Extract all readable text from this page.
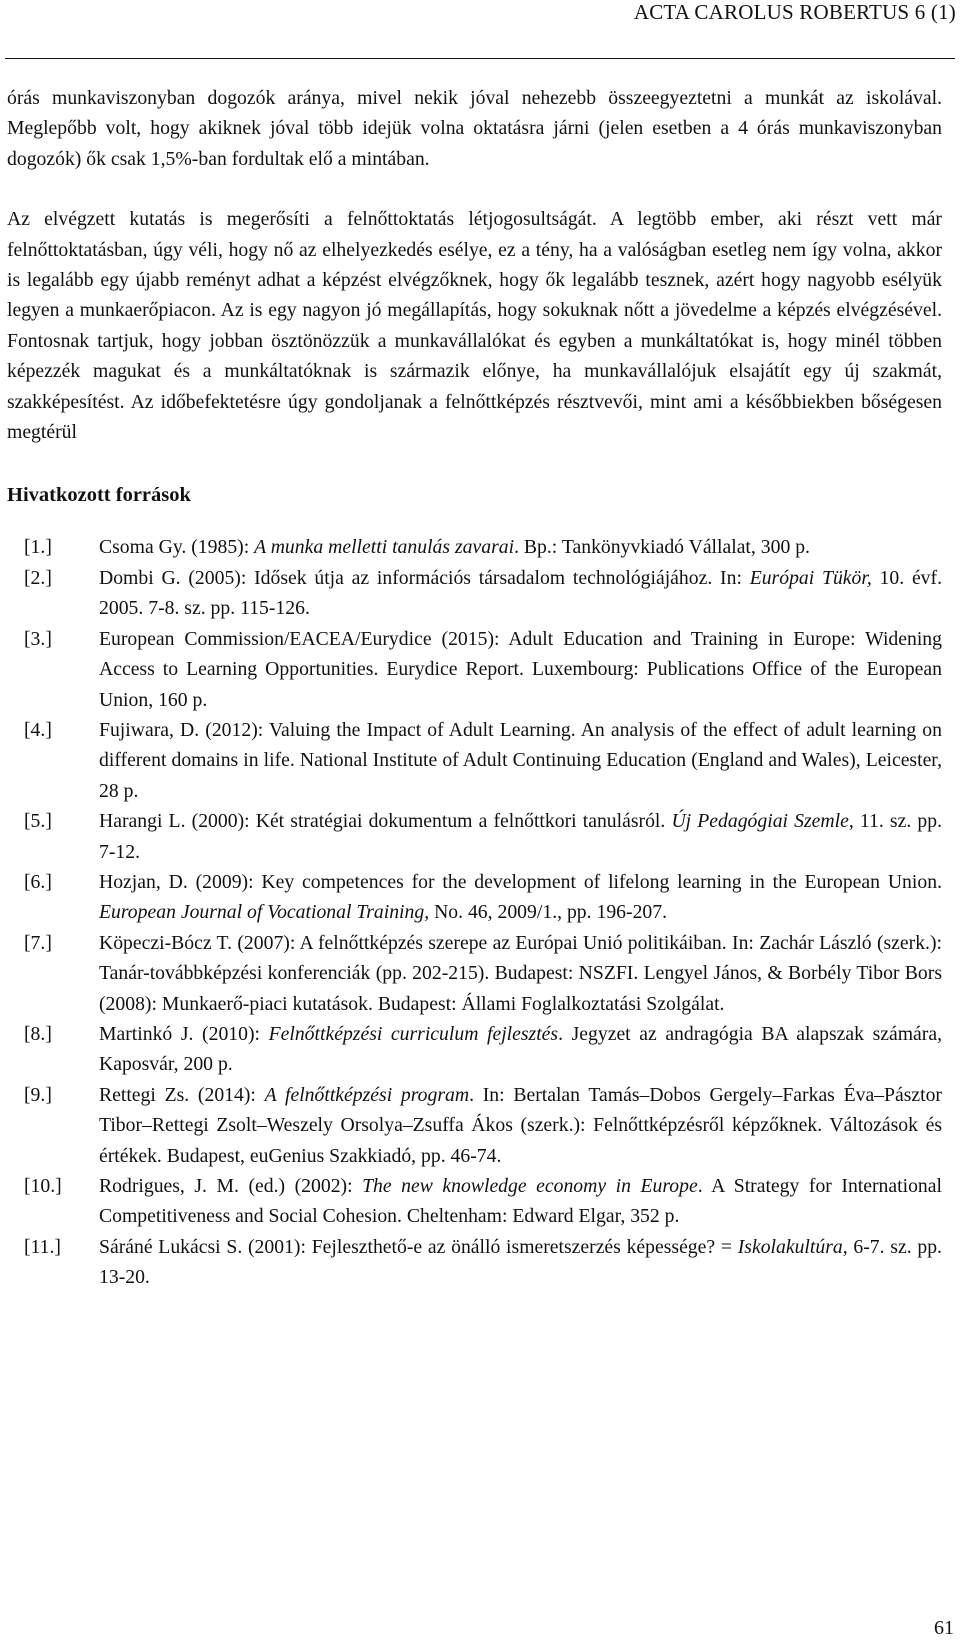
ACTA CAROLUS ROBERTUS 6 (1)

órás munkaviszonyban dogozók aránya, mivel nekik jóval nehezebb összeegyeztetni a munkát az iskolával. Meglepőbb volt, hogy akiknek jóval több idejük volna oktatásra járni (jelen esetben a 4 órás munkaviszonyban dogozók) ők csak 1,5%-ban fordultak elő a mintában.

Az elvégzett kutatás is megerősíti a felnőttoktatás létjogosultságát. A legtöbb ember, aki részt vett már felnőttoktatásban, úgy véli, hogy nő az elhelyezkedés esélye, ez a tény, ha a valóságban esetleg nem így volna, akkor is legalább egy újabb reményt adhat a képzést elvégzőknek, hogy ők legalább tesznek, azért hogy nagyobb esélyük legyen a munkaerőpiacon. Az is egy nagyon jó megállapítás, hogy sokuknak nőtt a jövedelme a képzés elvégzésével. Fontosnak tartjuk, hogy jobban ösztönözzük a munkavállalókat és egyben a munkáltatókat is, hogy minél többen képezzék magukat és a munkáltatóknak is származik előnye, ha munkavállalójuk elsajátít egy új szakmát, szakképesítést. Az időbefektetésre úgy gondoljanak a felnőttképzés résztvevői, mint ami a későbbiekben bőségesen megtérül

Hivatkozott források
[1.]	Csoma Gy. (1985): A munka melletti tanulás zavarai. Bp.: Tankönyvkiadó Vállalat, 300 p.
[2.]	Dombi G. (2005): Idősek útja az információs társadalom technológiájához. In: Európai Tükör, 10. évf. 2005. 7-8. sz. pp. 115-126.
[3.]	European Commission/EACEA/Eurydice (2015): Adult Education and Training in Europe: Widening Access to Learning Opportunities. Eurydice Report. Luxembourg: Publications Office of the European Union, 160 p.
[4.]	Fujiwara, D. (2012): Valuing the Impact of Adult Learning. An analysis of the effect of adult learning on different domains in life. National Institute of Adult Continuing Education (England and Wales), Leicester, 28 p.
[5.]	Harangi L. (2000): Két stratégiai dokumentum a felnőttkori tanulásról. Új Pedagógiai Szemle, 11. sz. pp. 7-12.
[6.]	Hozjan, D. (2009): Key competences for the development of lifelong learning in the European Union. European Journal of Vocational Training, No. 46, 2009/1., pp. 196-207.
[7.]	Köpeczi-Bócz T. (2007): A felnőttképzés szerepe az Európai Unió politikáiban. In: Zachár László (szerk.): Tanár-továbbképzési konferenciák (pp. 202-215). Budapest: NSZFI. Lengyel János, & Borbély Tibor Bors (2008): Munkaerő-piaci kutatások. Budapest: Állami Foglalkoztatási Szolgálat.
[8.]	Martinkó J. (2010): Felnőttképzési curriculum fejlesztés. Jegyzet az andragógia BA alapszak számára, Kaposvár, 200 p.
[9.]	Rettegi Zs. (2014): A felnőttképzési program. In: Bertalan Tamás–Dobos Gergely–Farkas Éva–Pásztor Tibor–Rettegi Zsolt–Weszely Orsolya–Zsuffa Ákos (szerk.): Felnőttképzésről képzőknek. Változások és értékek. Budapest, euGenius Szakkiadó, pp. 46-74.
[10.]	Rodrigues, J. M. (ed.) (2002): The new knowledge economy in Europe. A Strategy for International Competitiveness and Social Cohesion. Cheltenham: Edward Elgar, 352 p.
[11.]	Sáráné Lukácsi S. (2001): Fejleszthető-e az önálló ismeretszerzés képessége? = Iskolakultúra, 6-7. sz. pp. 13-20.
61
